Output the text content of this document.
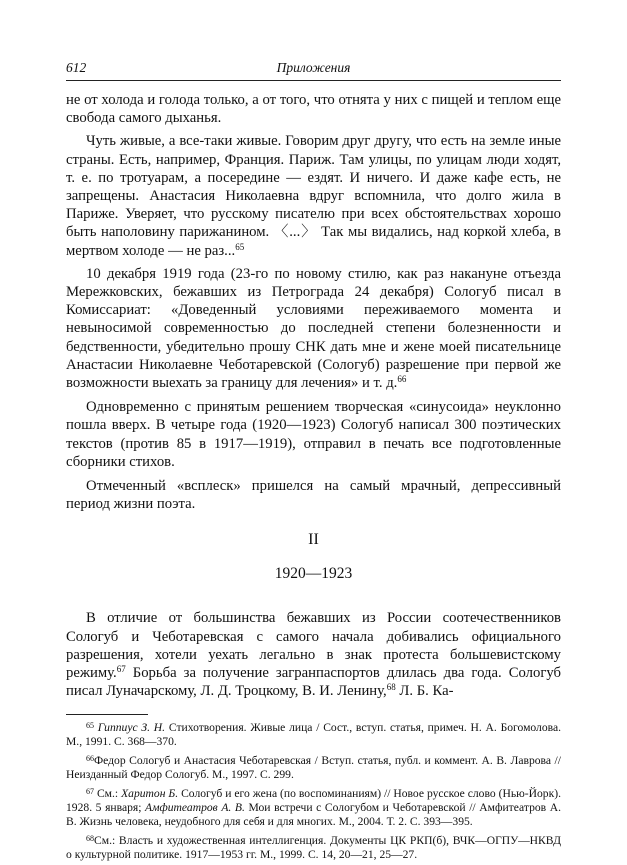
612	Приложения

не от холода и голода только, а от того, что отнята у них с пищей и теплом еще свобода самого дыханья.

Чуть живые, а все-таки живые. Говорим друг другу, что есть на земле иные страны. Есть, например, Франция. Париж. Там улицы, по улицам люди ходят, т. е. по тротуарам, а посередине — ездят. И ничего. И даже кафе есть, не запрещены. Анастасия Николаевна вдруг вспомнила, что долго жила в Париже. Уверяет, что русскому писателю при всех обстоятельствах хорошо быть наполовину парижанином. 〈...〉 Так мы видались, над коркой хлеба, в мертвом холоде — не раз...$^{65}$

10 декабря 1919 года (23-го по новому стилю, как раз накануне отъезда Мережковских, бежавших из Петрограда 24 декабря) Сологуб писал в Комиссариат: «Доведенный условиями переживаемого момента и невыносимой современностью до последней степени болезненности и бедственности, убедительно прошу СНК дать мне и жене моей писательнице Анастасии Николаевне Чеботаревской (Сологуб) разрешение при первой же возможности выехать за границу для лечения» и т. д.$^{66}$

Одновременно с принятым решением творческая «синусоида» неуклонно пошла вверх. В четыре года (1920—1923) Сологуб написал 300 поэтических текстов (против 85 в 1917—1919), отправил в печать все подготовленные сборники стихов.

Отмеченный «всплеск» пришелся на самый мрачный, депрессивный период жизни поэта.

II
1920—1923

В отличие от большинства бежавших из России соотечественников Сологуб и Чеботаревская с самого начала добивались официального разрешения, хотели уехать легально в знак протеста большевистскому режиму.$^{67}$ Борьба за получение загранпаспортов длилась два года. Сологуб писал Луначарскому, Л. Д. Троцкому, В. И. Ленину,$^{68}$ Л. Б. Ка-

$^{65}$ Гиппиус З. Н. Стихотворения. Живые лица / Сост., вступ. статья, примеч. Н. А. Богомолова. М., 1991. С. 368—370.

$^{66}$Федор Сологуб и Анастасия Чеботаревская / Вступ. статья, публ. и коммент. А. В. Лаврова // Неизданный Федор Сологуб. М., 1997. С. 299.

$^{67}$ См.: Харитон Б. Сологуб и его жена (по воспоминаниям) // Новое русское слово (Нью-Йорк). 1928. 5 января; Амфитеатров А. В. Мои встречи с Сологубом и Чеботаревской // Амфитеатров А. В. Жизнь человека, неудобного для себя и для многих. М., 2004. Т. 2. С. 393—395.

$^{68}$См.: Власть и художественная интеллигенция. Документы ЦК РКП(б), ВЧК—ОГПУ—НКВД о культурной политике. 1917—1953 гг. М., 1999. С. 14, 20—21, 25—27.
